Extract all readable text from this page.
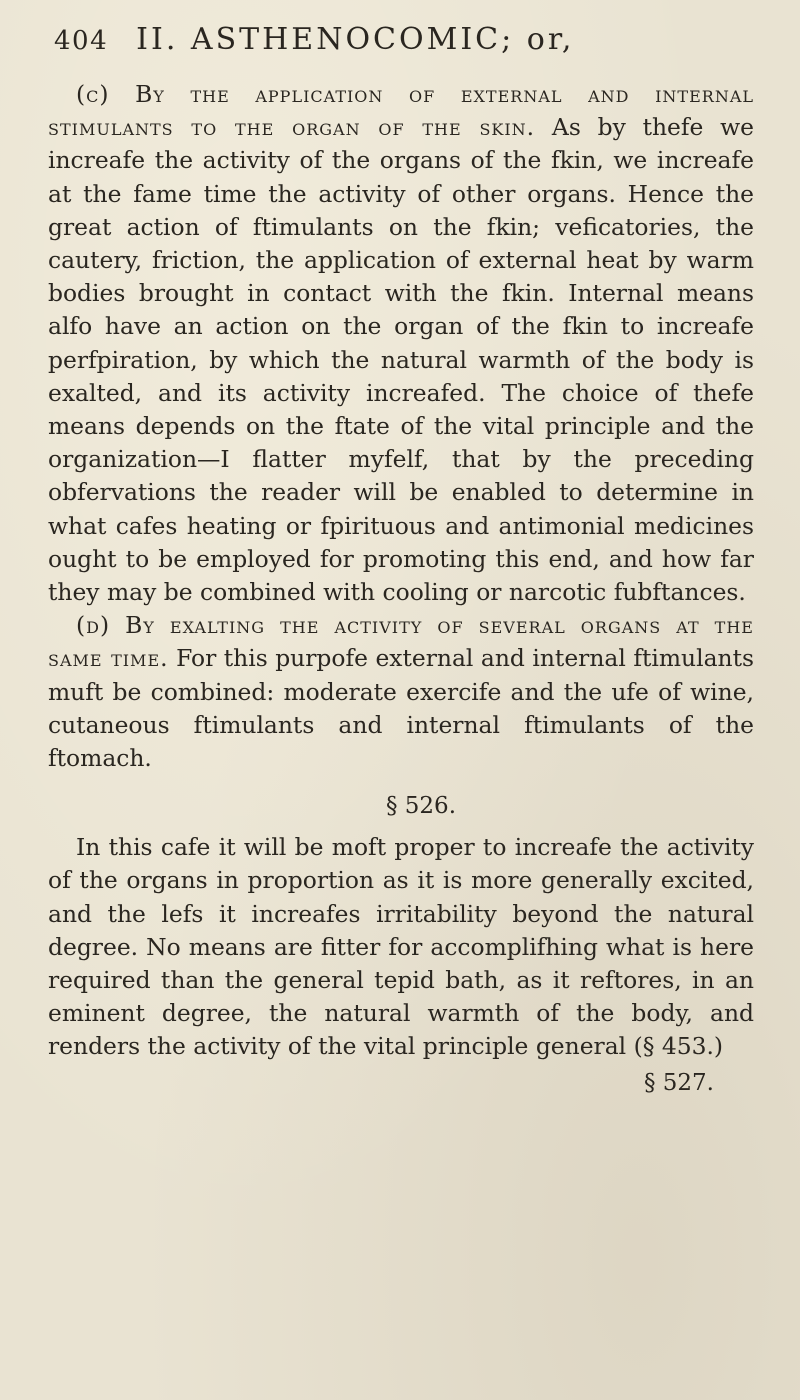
404 II. ASTHENOCOMIC; or,

(c) By the application of external and internal stimulants to the organ of the skin. As by thefe we increafe the activity of the organs of the fkin, we increafe at the fame time the activity of other organs. Hence the great action of ftimulants on the fkin; veficatories, the cautery, friction, the application of external heat by warm bodies brought in contact with the fkin. Internal means alfo have an action on the organ of the fkin to increafe perfpiration, by which the natural warmth of the body is exalted, and its activity increafed. The choice of thefe means depends on the ftate of the vital principle and the organization—I flatter myfelf, that by the preceding obfervations the reader will be enabled to determine in what cafes heating or fpirituous and antimonial medicines ought to be employed for promoting this end, and how far they may be combined with cooling or narcotic fubftances.

(d) By exalting the activity of several organs at the same time. For this purpofe external and internal ftimulants muft be combined: moderate exercife and the ufe of wine, cutaneous ftimulants and internal ftimulants of the ftomach.

§ 526.

In this cafe it will be moft proper to increafe the activity of the organs in proportion as it is more generally excited, and the lefs it increafes irritability beyond the natural degree. No means are fitter for accomplifhing what is here required than the general tepid bath, as it reftores, in an eminent degree, the natural warmth of the body, and renders the activity of the vital principle general (§ 453.)

§ 527.
